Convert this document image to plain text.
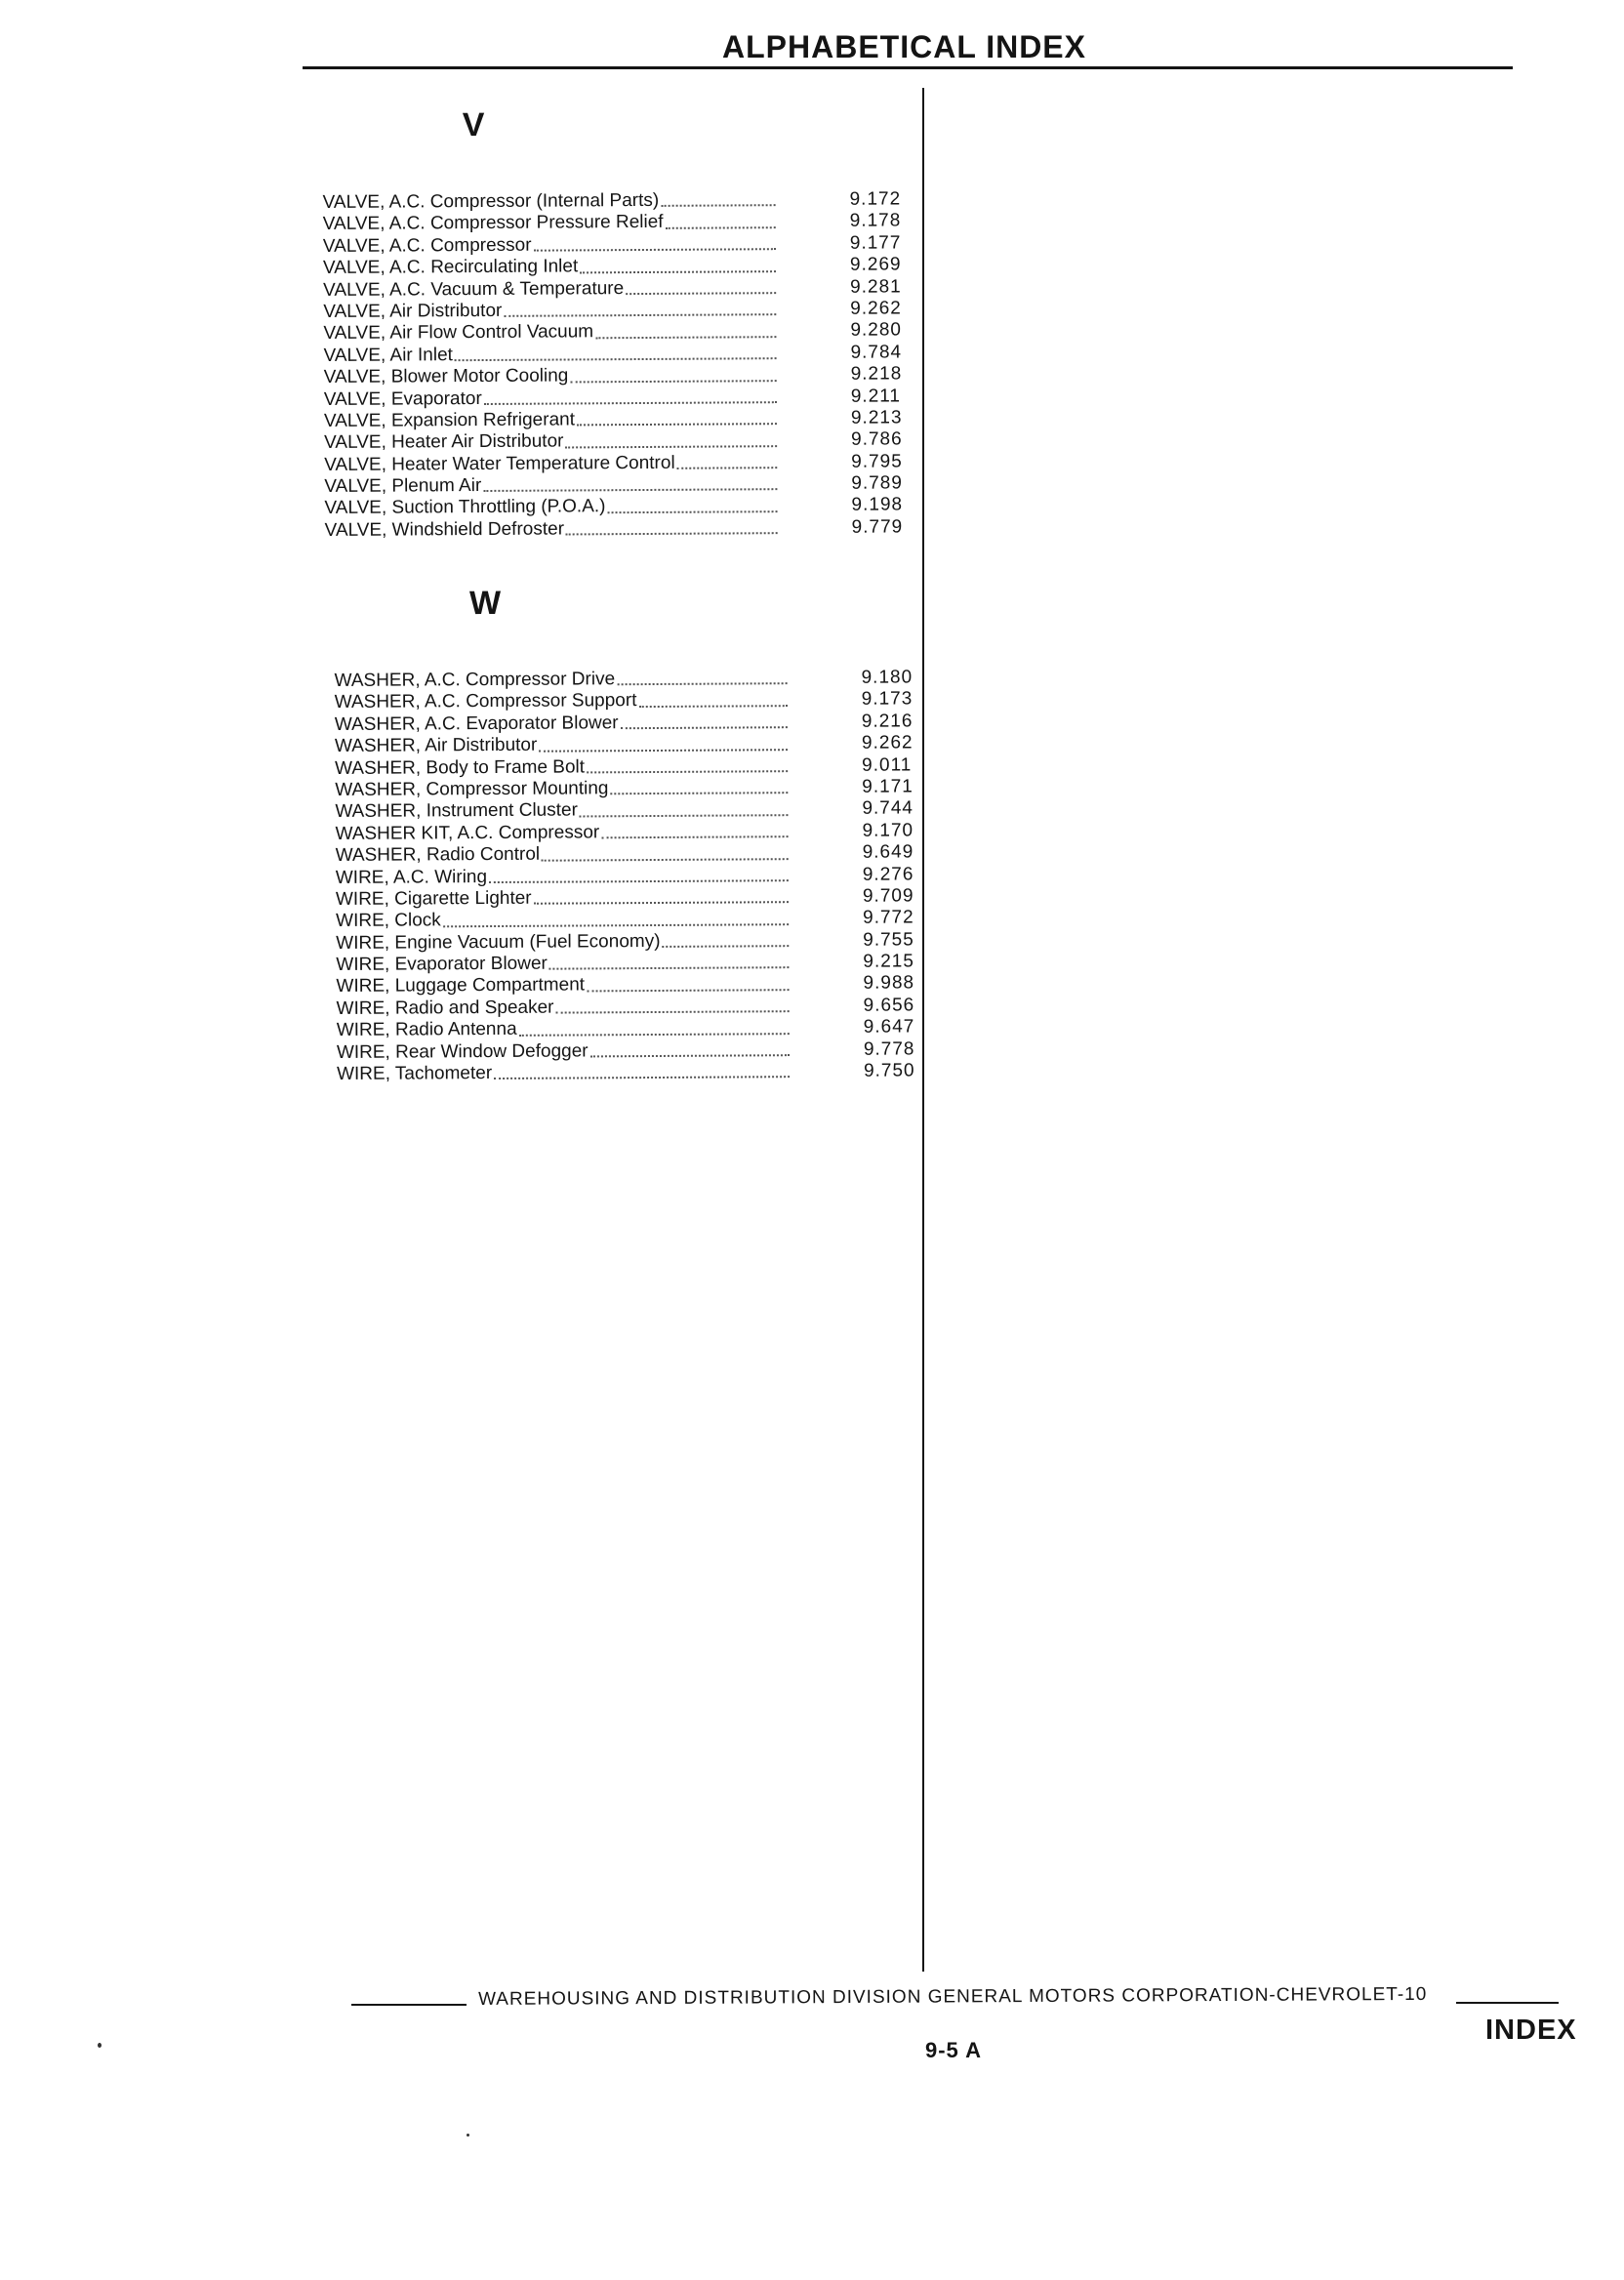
ALPHABETICAL INDEX
V
VALVE, A.C. Compressor (Internal Parts)	9.172
VALVE, A.C. Compressor Pressure Relief	9.178
VALVE, A.C. Compressor	9.177
VALVE, A.C. Recirculating Inlet	9.269
VALVE, A.C. Vacuum & Temperature	9.281
VALVE, Air Distributor	9.262
VALVE, Air Flow Control Vacuum	9.280
VALVE, Air Inlet	9.784
VALVE, Blower Motor Cooling	9.218
VALVE, Evaporator	9.211
VALVE, Expansion Refrigerant	9.213
VALVE, Heater Air Distributor	9.786
VALVE, Heater Water Temperature Control	9.795
VALVE, Plenum Air	9.789
VALVE, Suction Throttling (P.O.A.)	9.198
VALVE, Windshield Defroster	9.779
W
WASHER, A.C. Compressor Drive	9.180
WASHER, A.C. Compressor Support	9.173
WASHER, A.C. Evaporator Blower	9.216
WASHER, Air Distributor	9.262
WASHER, Body to Frame Bolt	9.011
WASHER, Compressor Mounting	9.171
WASHER, Instrument Cluster	9.744
WASHER KIT, A.C. Compressor	9.170
WASHER, Radio Control	9.649
WIRE, A.C. Wiring	9.276
WIRE, Cigarette Lighter	9.709
WIRE, Clock	9.772
WIRE, Engine Vacuum (Fuel Economy)	9.755
WIRE, Evaporator Blower	9.215
WIRE, Luggage Compartment	9.988
WIRE, Radio and Speaker	9.656
WIRE, Radio Antenna	9.647
WIRE, Rear Window Defogger	9.778
WIRE, Tachometer	9.750
WAREHOUSING AND DISTRIBUTION DIVISION GENERAL MOTORS CORPORATION-CHEVROLET-10
INDEX
9-5 A
